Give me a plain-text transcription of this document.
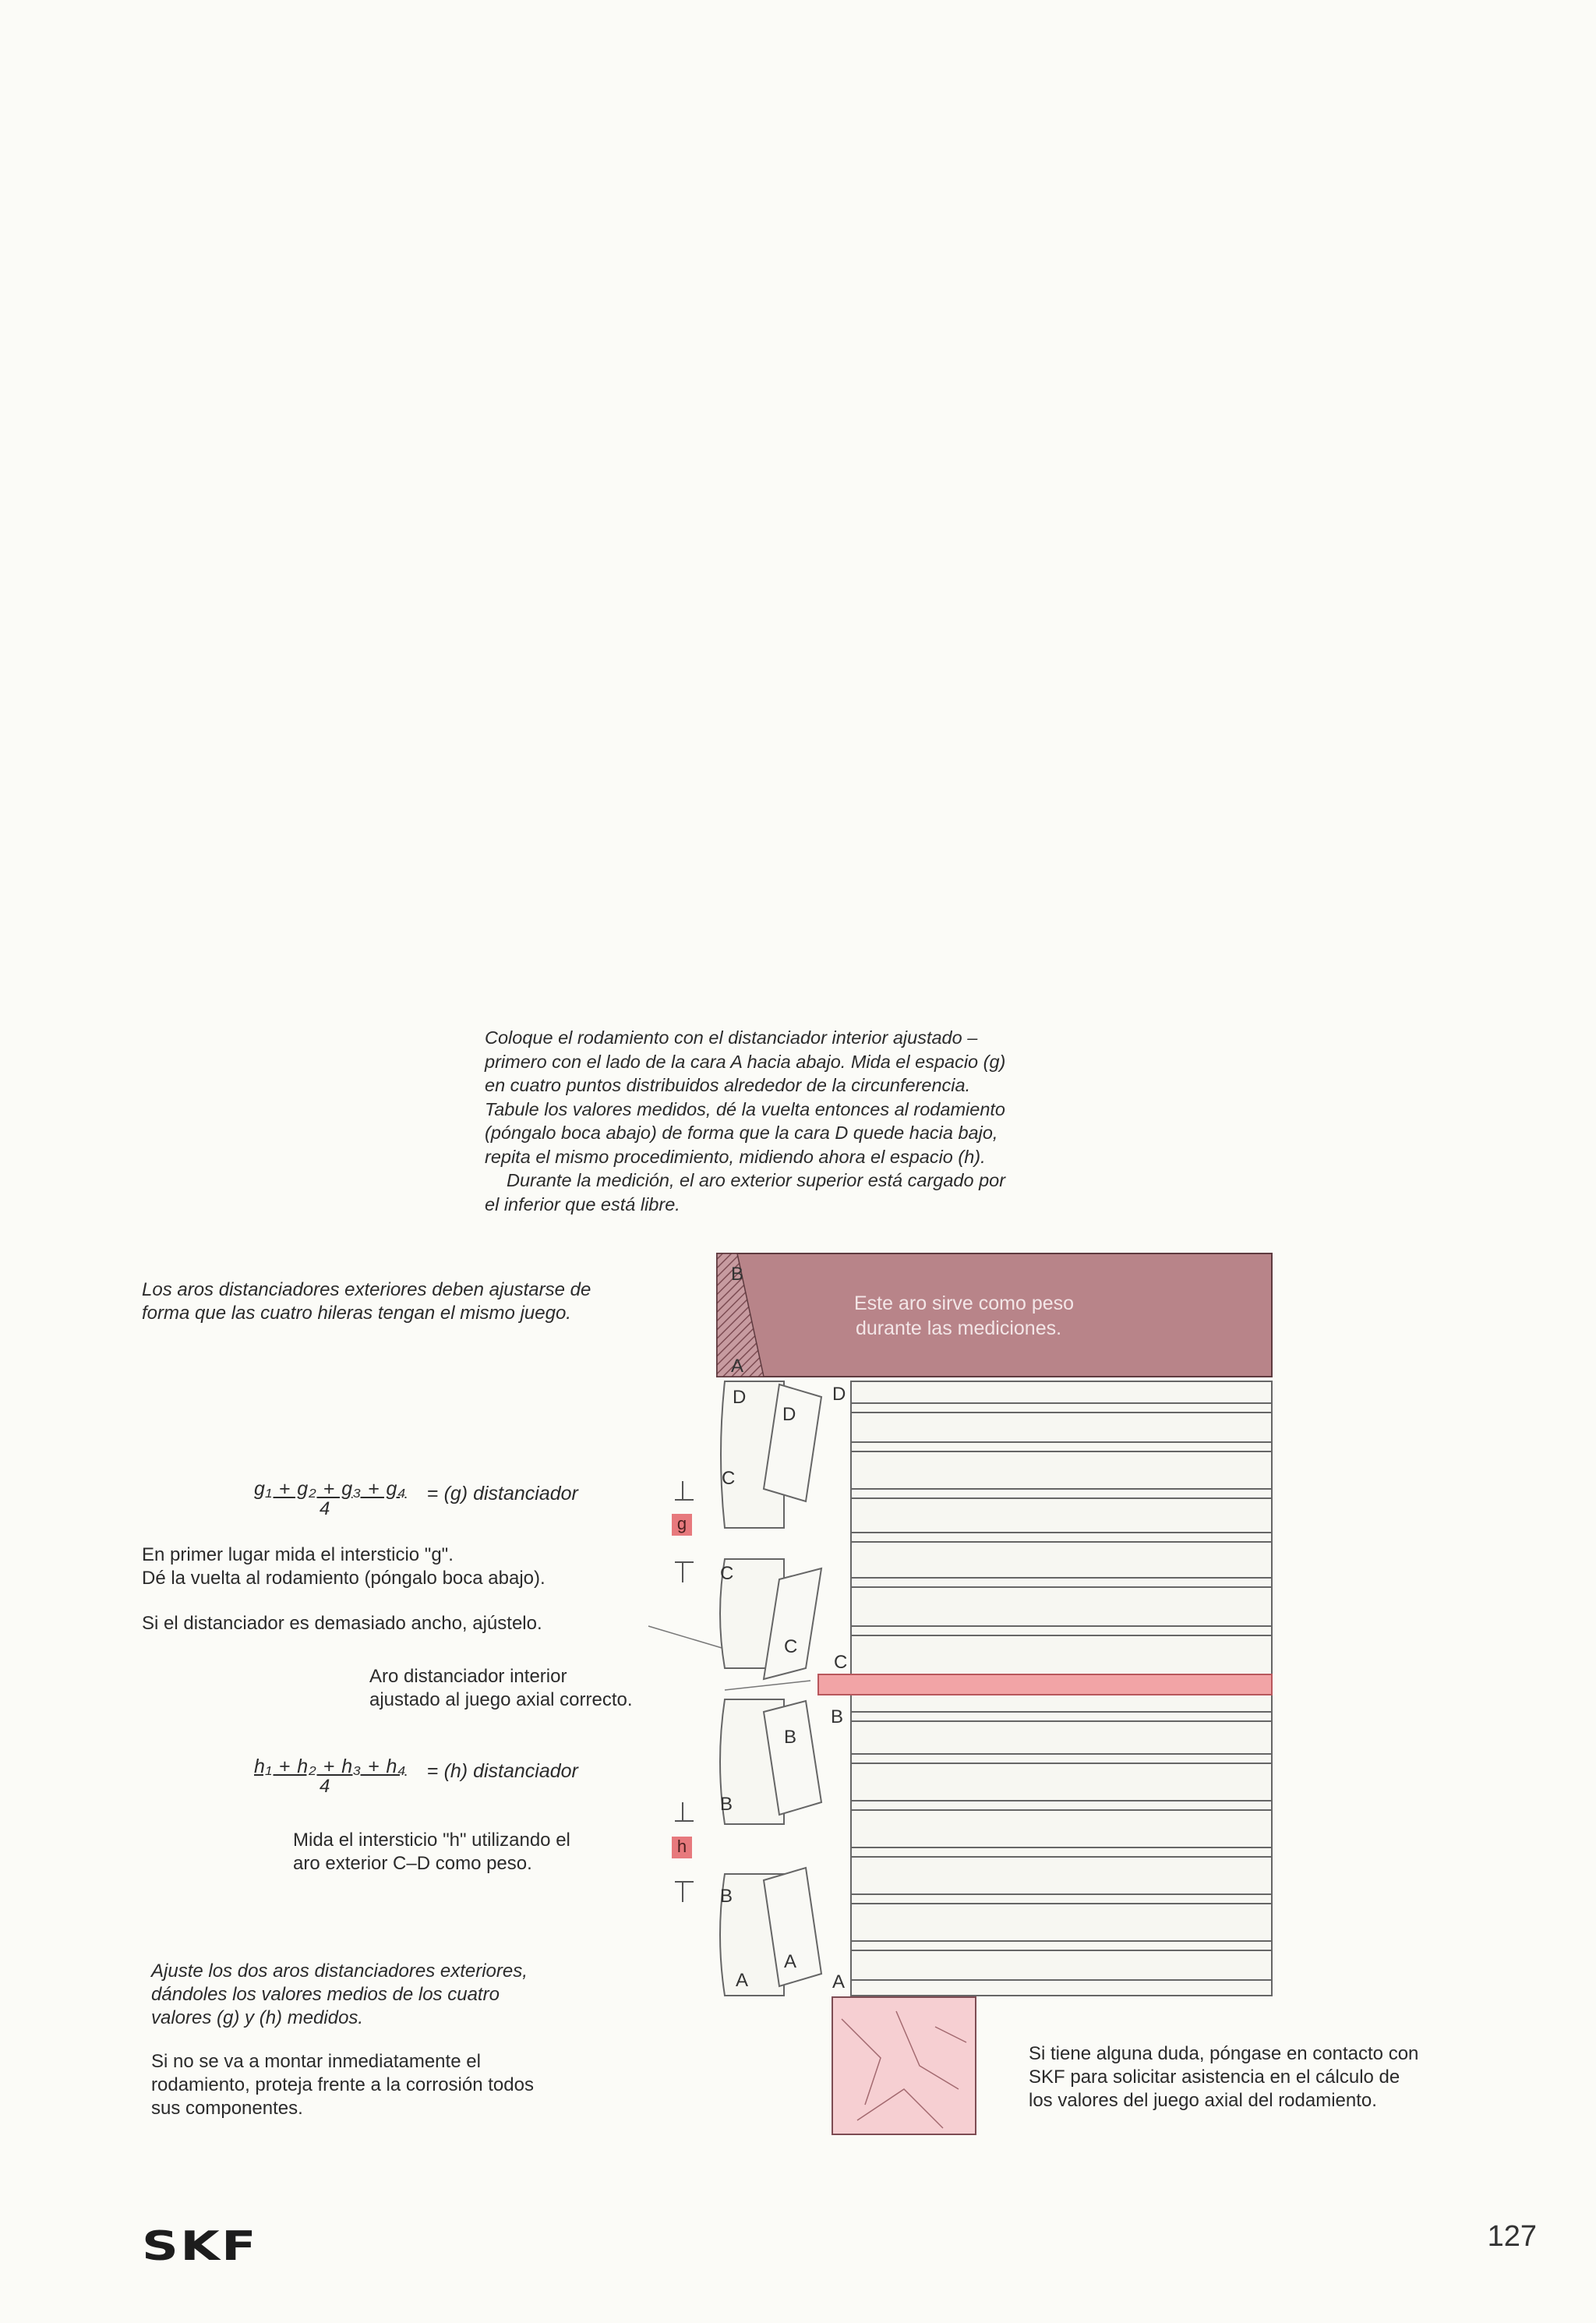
Coloque el rodamiento con el distanciador interior ajustado –

primero con el lado de la cara A hacia abajo. Mida el espacio (g)

en cuatro puntos distribuidos alrededor de la circunferencia.

Tabule los valores medidos, dé la vuelta entonces al rodamiento

(póngalo boca abajo) de forma que la cara D quede hacia bajo,

repita el mismo procedimiento, midiendo ahora el espacio (h).

Durante la medición, el aro exterior superior está cargado por

el inferior que está libre.

Los aros distanciadores exteriores deben ajustarse de
forma que las cuatro hileras tengan el mismo juego.
g₁ + g₂ + g₃ + g₄
4
= (g) distanciador
En primer lugar mida el intersticio "g".
Dé la vuelta al rodamiento (póngalo boca abajo).
Si el distanciador es demasiado ancho, ajústelo.
Aro distanciador interior
ajustado al juego axial correcto.
h₁ + h₂ + h₃ + h₄
4
= (h) distanciador
Mida el intersticio "h" utilizando el
aro exterior C–D como peso.
Ajuste los dos aros distanciadores exteriores,
dándoles los valores medios de los cuatro
valores (g) y (h) medidos.
Si no se va a montar inmediatamente el
rodamiento, proteja frente a la corrosión todos
sus componentes.
Si tiene alguna duda, póngase en contacto con
SKF para solicitar asistencia en el cálculo de
los valores del juego axial del rodamiento.
g
h
Este aro sirve como peso
durante las mediciones.
D
D
D
B
A
C
C
C
C
B
B
B
B
A
A	A
SKF	127
